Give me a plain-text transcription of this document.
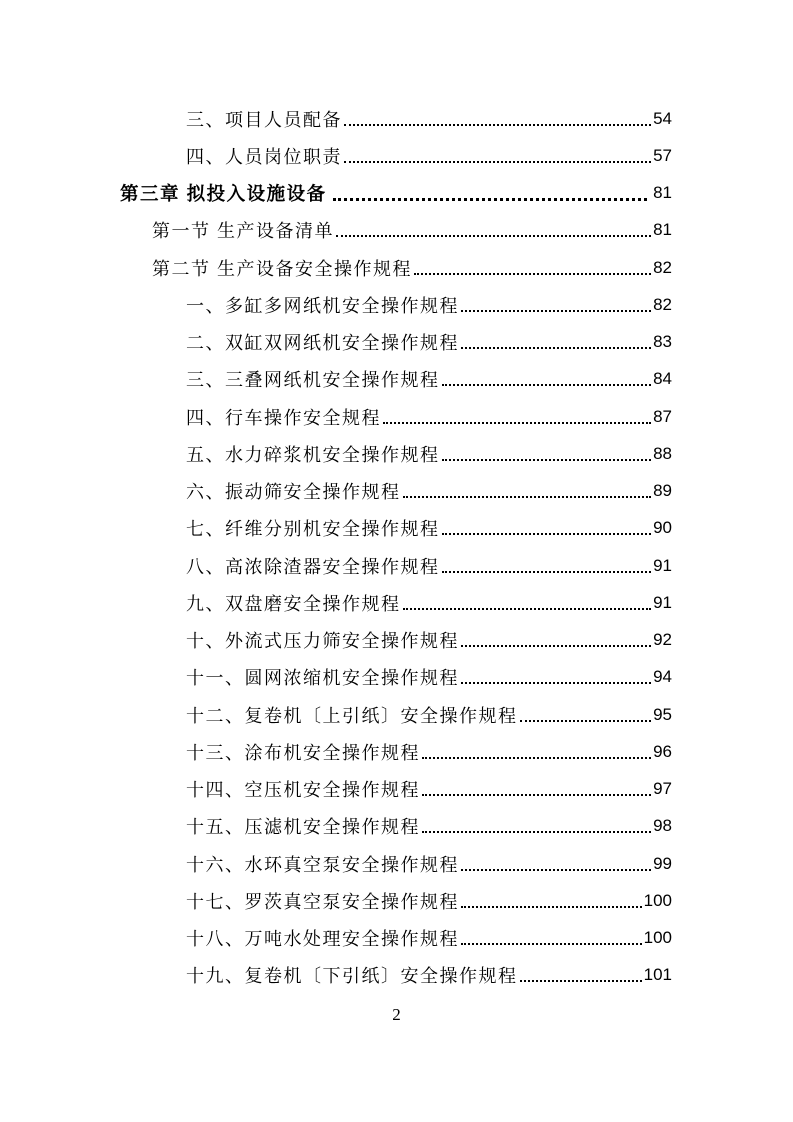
三、项目人员配备	54
四、人员岗位职责	57
第三章 拟投入设施设备	81
第一节 生产设备清单	81
第二节 生产设备安全操作规程	82
一、多缸多网纸机安全操作规程	82
二、双缸双网纸机安全操作规程	83
三、三叠网纸机安全操作规程	84
四、行车操作安全规程	87
五、水力碎浆机安全操作规程	88
六、振动筛安全操作规程	89
七、纤维分别机安全操作规程	90
八、高浓除渣器安全操作规程	91
九、双盘磨安全操作规程	91
十、外流式压力筛安全操作规程	92
十一、圆网浓缩机安全操作规程	94
十二、复卷机〔上引纸〕安全操作规程	95
十三、涂布机安全操作规程	96
十四、空压机安全操作规程	97
十五、压滤机安全操作规程	98
十六、水环真空泵安全操作规程	99
十七、罗茨真空泵安全操作规程	100
十八、万吨水处理安全操作规程	100
十九、复卷机〔下引纸〕安全操作规程	101
2
